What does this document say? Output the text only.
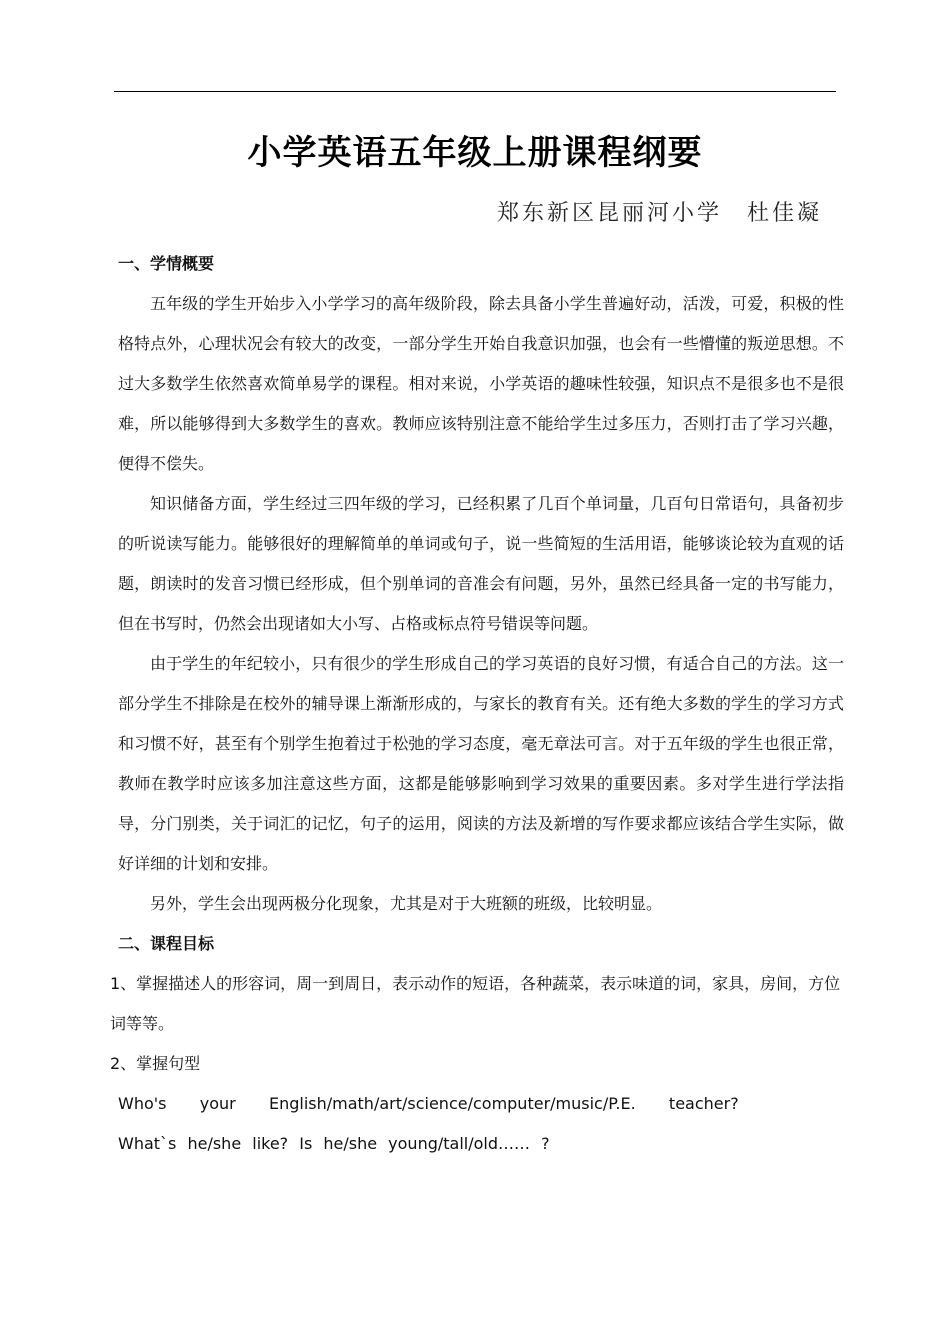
小学英语五年级上册课程纲要
郑东新区昆丽河小学　杜佳凝
一、学情概要

五年级的学生开始步入小学学习的高年级阶段，除去具备小学生普遍好动，活泼，可爱，积极的性格特点外，心理状况会有较大的改变，一部分学生开始自我意识加强，也会有一些懵懂的叛逆思想。不过大多数学生依然喜欢简单易学的课程。相对来说，小学英语的趣味性较强，知识点不是很多也不是很难，所以能够得到大多数学生的喜欢。教师应该特别注意不能给学生过多压力，否则打击了学习兴趣，便得不偿失。

知识储备方面，学生经过三四年级的学习，已经积累了几百个单词量，几百句日常语句，具备初步的听说读写能力。能够很好的理解简单的单词或句子，说一些简短的生活用语，能够谈论较为直观的话题，朗读时的发音习惯已经形成，但个别单词的音准会有问题，另外，虽然已经具备一定的书写能力，但在书写时，仍然会出现诸如大小写、占格或标点符号错误等问题。

由于学生的年纪较小，只有很少的学生形成自己的学习英语的良好习惯，有适合自己的方法。这一部分学生不排除是在校外的辅导课上渐渐形成的，与家长的教育有关。还有绝大多数的学生的学习方式和习惯不好，甚至有个别学生抱着过于松弛的学习态度，毫无章法可言。对于五年级的学生也很正常，教师在教学时应该多加注意这些方面，这都是能够影响到学习效果的重要因素。多对学生进行学法指导，分门别类，关于词汇的记忆，句子的运用，阅读的方法及新增的写作要求都应该结合学生实际，做好详细的计划和安排。

另外，学生会出现两极分化现象，尤其是对于大班额的班级，比较明显。

二、课程目标

1、掌握描述人的形容词，周一到周日，表示动作的短语，各种蔬菜，表示味道的词，家具，房间，方位词等等。

2、掌握句型

Who's   your   English/math/art/science/computer/music/P.E.   teacher?

What`s he/she like? Is he/she young/tall/old…… ?
